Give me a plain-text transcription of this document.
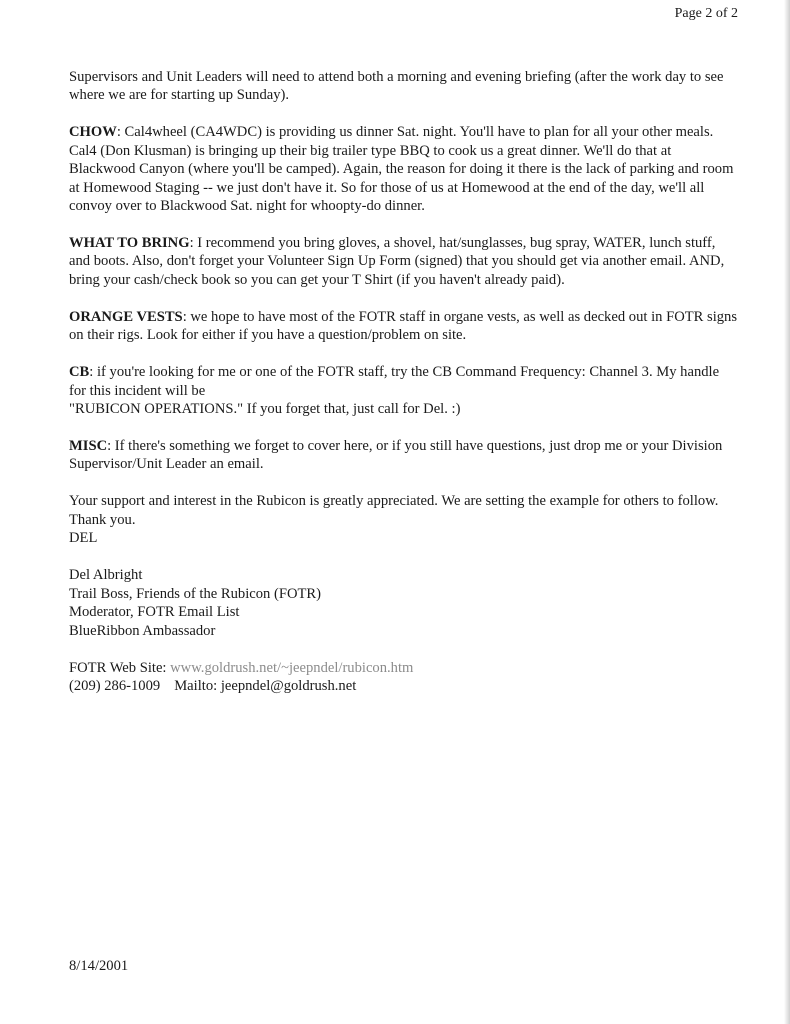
Page 2 of 2

Supervisors and Unit Leaders will need to attend both a morning and evening briefing (after the work day to see where we are for starting up Sunday).

CHOW: Cal4wheel (CA4WDC) is providing us dinner Sat. night. You'll have to plan for all your other meals. Cal4 (Don Klusman) is bringing up their big trailer type BBQ to cook us a great dinner. We'll do that at Blackwood Canyon (where you'll be camped). Again, the reason for doing it there is the lack of parking and room at Homewood Staging -- we just don't have it. So for those of us at Homewood at the end of the day, we'll all convoy over to Blackwood Sat. night for whoopty-do dinner.

WHAT TO BRING: I recommend you bring gloves, a shovel, hat/sunglasses, bug spray, WATER, lunch stuff, and boots. Also, don't forget your Volunteer Sign Up Form (signed) that you should get via another email. AND, bring your cash/check book so you can get your T Shirt (if you haven't already paid).

ORANGE VESTS: we hope to have most of the FOTR staff in organe vests, as well as decked out in FOTR signs on their rigs. Look for either if you have a question/problem on site.

CB: if you're looking for me or one of the FOTR staff, try the CB Command Frequency: Channel 3. My handle for this incident will be
"RUBICON OPERATIONS." If you forget that, just call for Del. :)

MISC: If there's something we forget to cover here, or if you still have questions, just drop me or your Division Supervisor/Unit Leader an email.

Your support and interest in the Rubicon is greatly appreciated. We are setting the example for others to follow. Thank you.
DEL

Del Albright

Trail Boss, Friends of the Rubicon (FOTR)

Moderator, FOTR Email List

BlueRibbon Ambassador

FOTR Web Site: www.goldrush.net/~jeepndel/rubicon.htm
(209) 286-1009 Mailto: jeepndel@goldrush.net
8/14/2001
